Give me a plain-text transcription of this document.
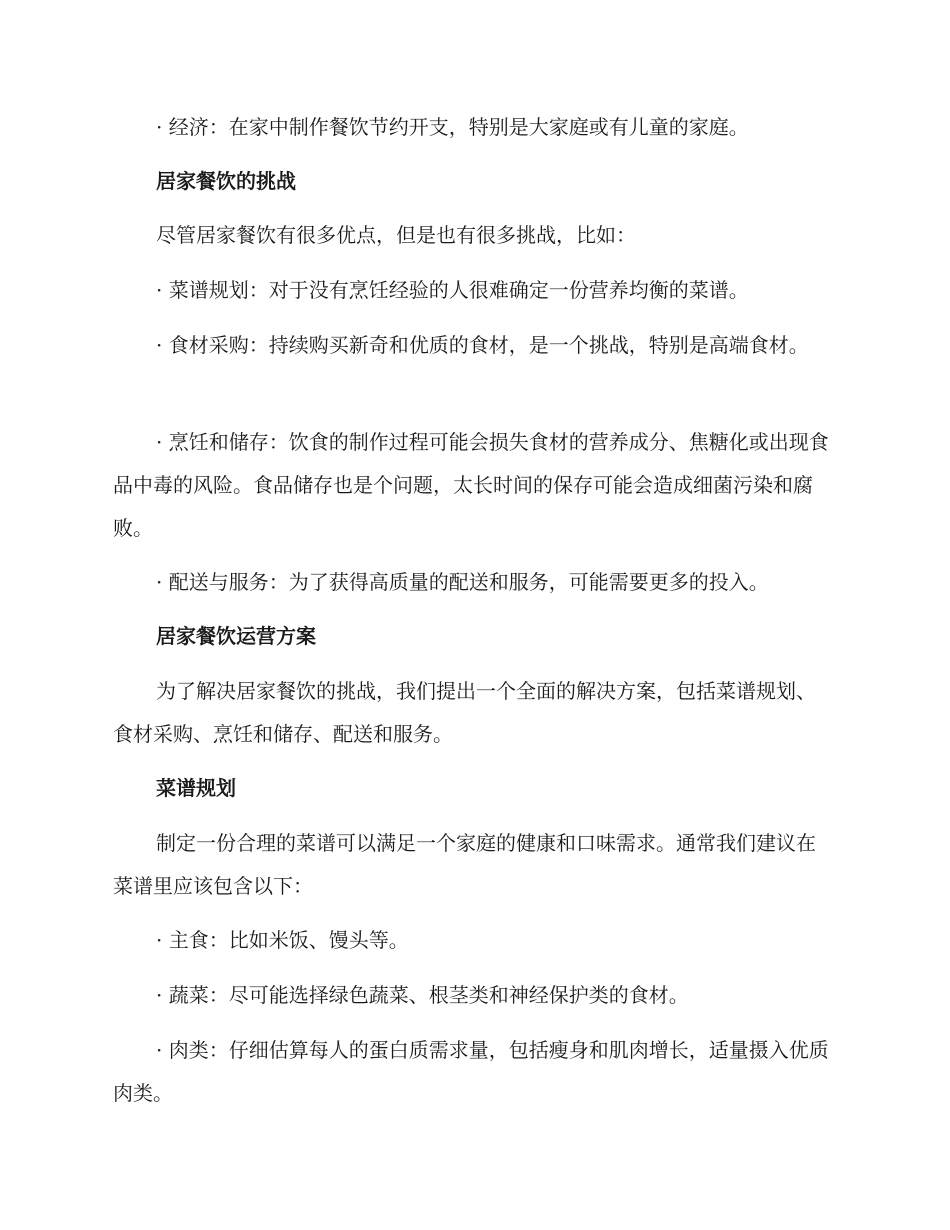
· 经济：在家中制作餐饮节约开支，特别是大家庭或有儿童的家庭。

居家餐饮的挑战

尽管居家餐饮有很多优点，但是也有很多挑战，比如：

· 菜谱规划：对于没有烹饪经验的人很难确定一份营养均衡的菜谱。

· 食材采购：持续购买新奇和优质的食材，是一个挑战，特别是高端食材。

· 烹饪和储存：饮食的制作过程可能会损失食材的营养成分、焦糖化或出现食品中毒的风险。食品储存也是个问题，太长时间的保存可能会造成细菌污染和腐败。

· 配送与服务：为了获得高质量的配送和服务，可能需要更多的投入。

居家餐饮运营方案

为了解决居家餐饮的挑战，我们提出一个全面的解决方案，包括菜谱规划、食材采购、烹饪和储存、配送和服务。

菜谱规划

制定一份合理的菜谱可以满足一个家庭的健康和口味需求。通常我们建议在菜谱里应该包含以下：

· 主食：比如米饭、馒头等。

· 蔬菜：尽可能选择绿色蔬菜、根茎类和神经保护类的食材。

· 肉类：仔细估算每人的蛋白质需求量，包括瘦身和肌肉增长，适量摄入优质肉类。
